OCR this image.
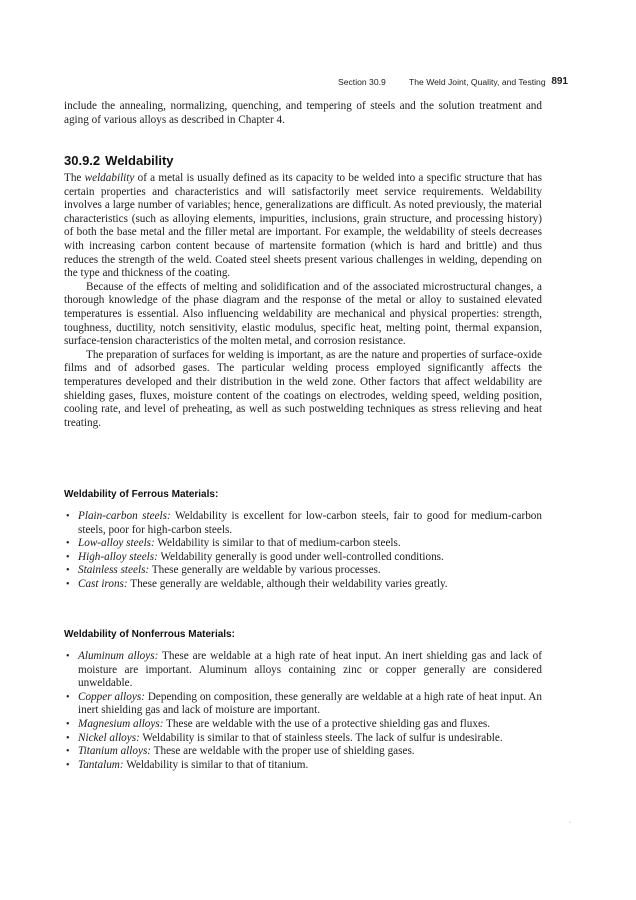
Section 30.9	The Weld Joint, Quality, and Testing 891

include the annealing, normalizing, quenching, and tempering of steels and the solution treatment and aging of various alloys as described in Chapter 4.

30.9.2 Weldability

The weldability of a metal is usually defined as its capacity to be welded into a specific structure that has certain properties and characteristics and will satisfactorily meet service requirements. Weldability involves a large number of variables; hence, generalizations are difficult. As noted previously, the material characteristics (such as alloying elements, impurities, inclusions, grain structure, and processing history) of both the base metal and the filler metal are important. For example, the weldability of steels decreases with increasing carbon content because of martensite formation (which is hard and brittle) and thus reduces the strength of the weld. Coated steel sheets present various challenges in welding, depending on the type and thickness of the coating.

Because of the effects of melting and solidification and of the associated microstructural changes, a thorough knowledge of the phase diagram and the response of the metal or alloy to sustained elevated temperatures is essential. Also influencing weldability are mechanical and physical properties: strength, toughness, ductility, notch sensitivity, elastic modulus, specific heat, melting point, thermal expansion, surface-tension characteristics of the molten metal, and corrosion resistance.

The preparation of surfaces for welding is important, as are the nature and properties of surface-oxide films and of adsorbed gases. The particular welding process employed significantly affects the temperatures developed and their distribution in the weld zone. Other factors that affect weldability are shielding gases, fluxes, moisture content of the coatings on electrodes, welding speed, welding position, cooling rate, and level of preheating, as well as such postwelding techniques as stress relieving and heat treating.

Weldability of Ferrous Materials:
• Plain-carbon steels: Weldability is excellent for low-carbon steels, fair to good for medium-carbon steels, poor for high-carbon steels.
• Low-alloy steels: Weldability is similar to that of medium-carbon steels.
• High-alloy steels: Weldability generally is good under well-controlled conditions.
• Stainless steels: These generally are weldable by various processes.
• Cast irons: These generally are weldable, although their weldability varies greatly.
Weldability of Nonferrous Materials:
• Aluminum alloys: These are weldable at a high rate of heat input. An inert shielding gas and lack of moisture are important. Aluminum alloys containing zinc or copper generally are considered unweldable.
• Copper alloys: Depending on composition, these generally are weldable at a high rate of heat input. An inert shielding gas and lack of moisture are important.
• Magnesium alloys: These are weldable with the use of a protective shielding gas and fluxes.
• Nickel alloys: Weldability is similar to that of stainless steels. The lack of sulfur is undesirable.
• Titanium alloys: These are weldable with the proper use of shielding gases.
• Tantalum: Weldability is similar to that of titanium.
·
